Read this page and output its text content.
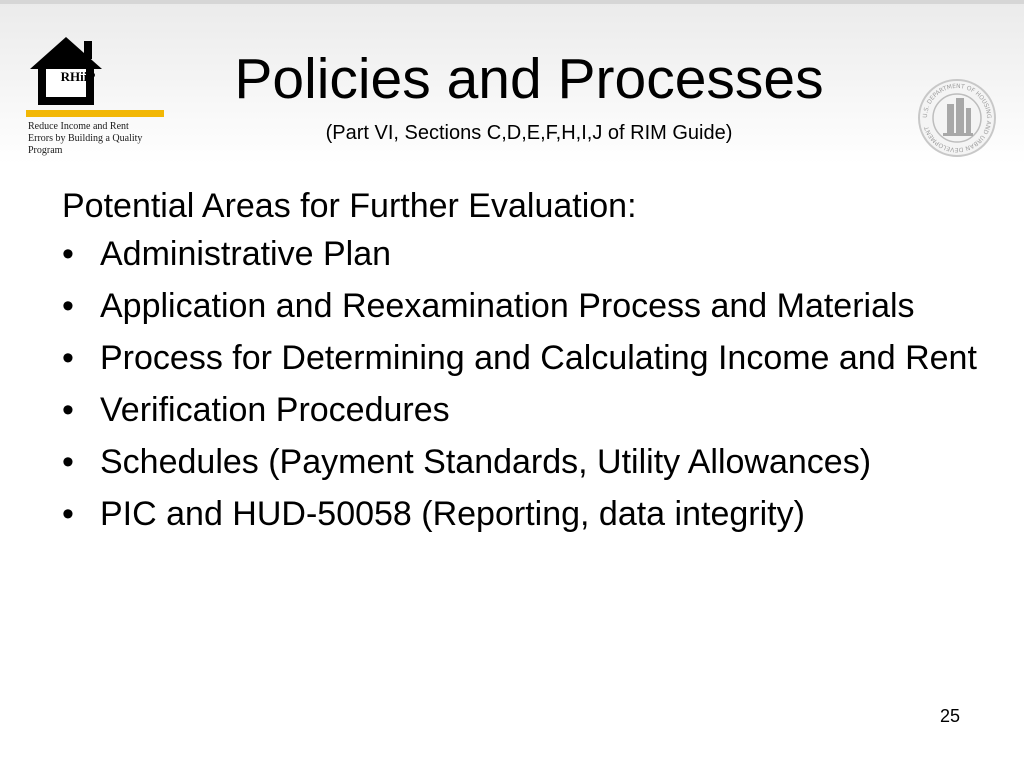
RHiiP
Reduce Income and Rent
Errors by Building a Quality
Program
U.S. DEPARTMENT OF HOUSING AND URBAN DEVELOPMENT
Policies and Processes
(Part VI, Sections C,D,E,F,H,I,J of RIM Guide)

Potential Areas for Further Evaluation:

• Administrative Plan
• Application and Reexamination Process and Materials
• Process for Determining and Calculating Income and Rent
• Verification Procedures
• Schedules (Payment Standards, Utility Allowances)
• PIC and HUD-50058 (Reporting, data integrity)
25
